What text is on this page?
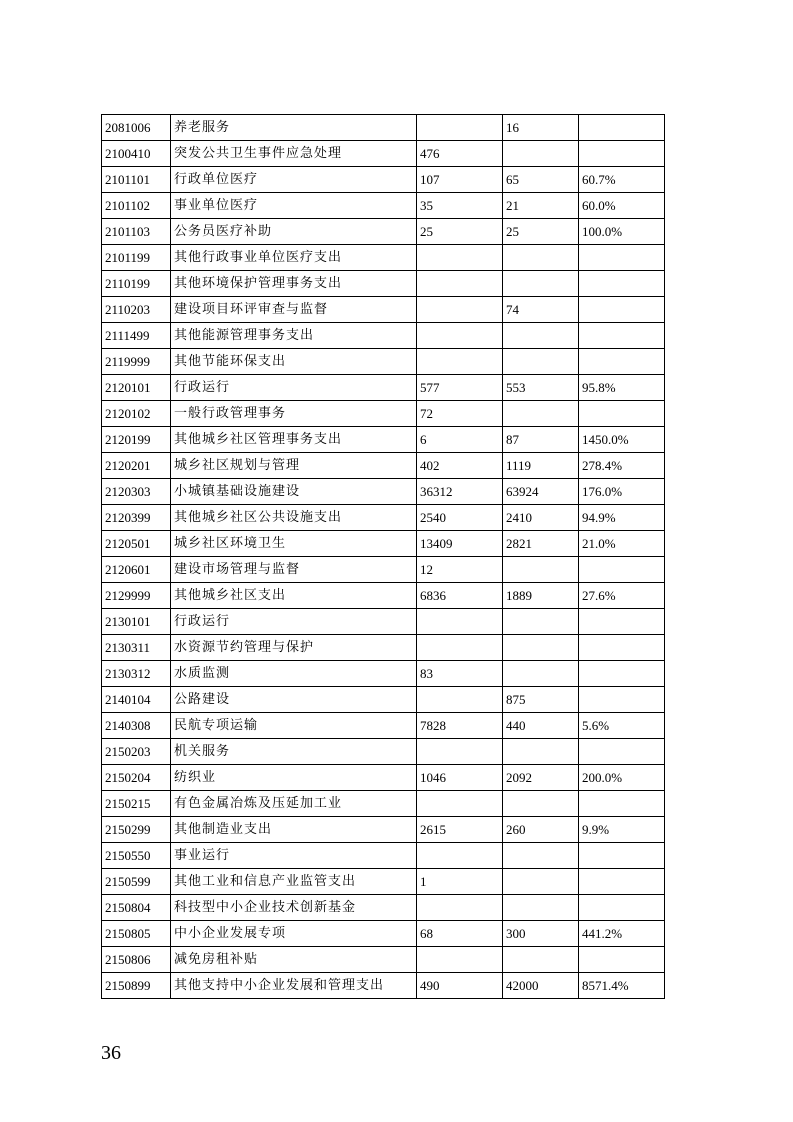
2081006	养老服务		16	
2100410	突发公共卫生事件应急处理	476		
2101101	行政单位医疗	107	65	60.7%
2101102	事业单位医疗	35	21	60.0%
2101103	公务员医疗补助	25	25	100.0%
2101199	其他行政事业单位医疗支出			
2110199	其他环境保护管理事务支出			
2110203	建设项目环评审查与监督		74	
2111499	其他能源管理事务支出			
2119999	其他节能环保支出			
2120101	行政运行	577	553	95.8%
2120102	一般行政管理事务	72		
2120199	其他城乡社区管理事务支出	6	87	1450.0%
2120201	城乡社区规划与管理	402	1119	278.4%
2120303	小城镇基础设施建设	36312	63924	176.0%
2120399	其他城乡社区公共设施支出	2540	2410	94.9%
2120501	城乡社区环境卫生	13409	2821	21.0%
2120601	建设市场管理与监督	12		
2129999	其他城乡社区支出	6836	1889	27.6%
2130101	行政运行			
2130311	水资源节约管理与保护			
2130312	水质监测	83		
2140104	公路建设		875	
2140308	民航专项运输	7828	440	5.6%
2150203	机关服务			
2150204	纺织业	1046	2092	200.0%
2150215	有色金属冶炼及压延加工业			
2150299	其他制造业支出	2615	260	9.9%
2150550	事业运行			
2150599	其他工业和信息产业监管支出	1		
2150804	科技型中小企业技术创新基金			
2150805	中小企业发展专项	68	300	441.2%
2150806	减免房租补贴			
2150899	其他支持中小企业发展和管理支出	490	42000	8571.4%
36
